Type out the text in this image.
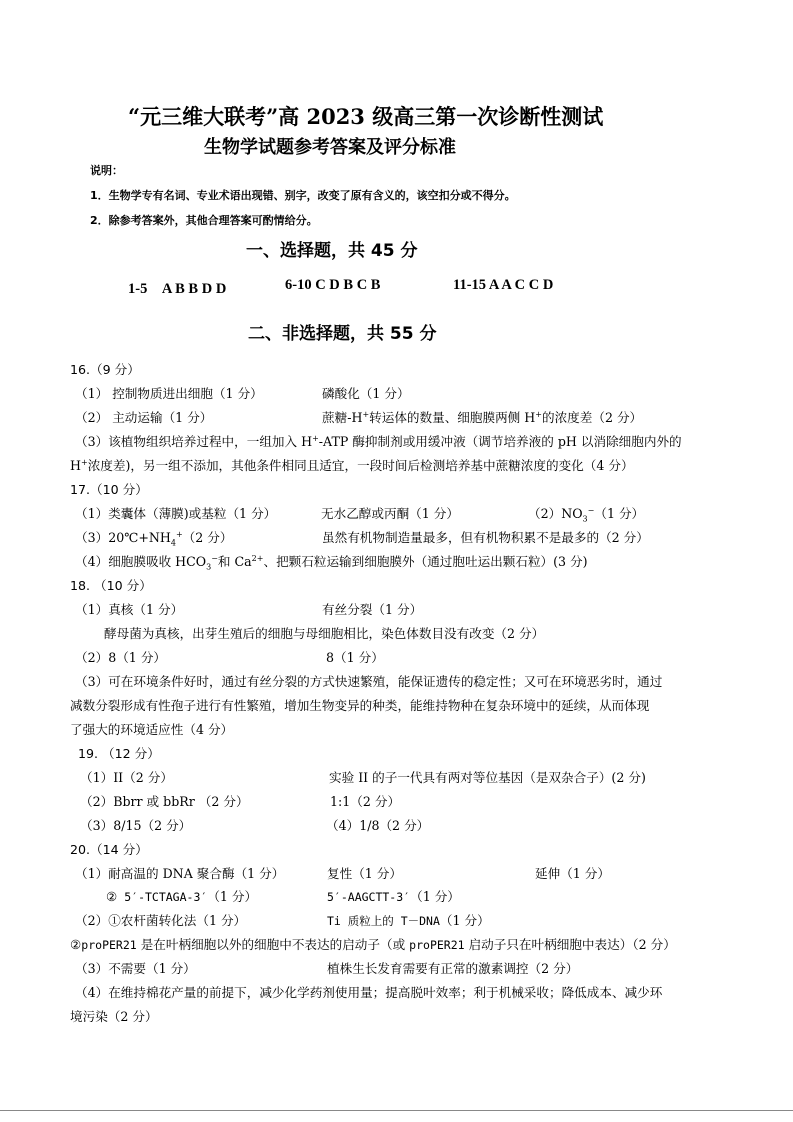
“元三维大联考”高 2023 级高三第一次诊断性测试
生物学试题参考答案及评分标准
说明：
1．生物学专有名词、专业术语出现错、别字，改变了原有含义的，该空扣分或不得分。
2．除参考答案外，其他合理答案可酌情给分。
一、选择题，共 45 分
1-5　A B B D D	6-10 C D B C B	11-15 A A C C D
二、非选择题，共 55 分
16.（9 分）
（1） 控制物质进出细胞（1 分）	磷酸化（1 分）
（2） 主动运输（1 分）	蔗糖-H+转运体的数量、细胞膜两侧 H+的浓度差（2 分）
（3）该植物组织培养过程中，一组加入 H+-ATP 酶抑制剂或用缓冲液（调节培养液的 pH 以消除细胞内外的
H+浓度差)，另一组不添加，其他条件相同且适宜，一段时间后检测培养基中蔗糖浓度的变化（4 分）
17.（10 分）
（1）类囊体（薄膜)或基粒（1 分）	无水乙醇或丙酮（1 分）	$(2)NO_3^-(1$ 分）
$(3)20℃+NH_4^+(2$ 分）	虽然有机物制造量最多，但有机物积累不是最多的（2 分）
（4）细胞膜吸收 $HCO_3^-$和 $Ca^{2+}$、把颗石粒运输到细胞膜外（通过胞吐运出颗石粒）(3 分)
18. （10 分）
（1）真核（1 分）	有丝分裂（1 分）
酵母菌为真核，出芽生殖后的细胞与母细胞相比，染色体数目没有改变（2 分）
（2）8（1 分）	8（1 分）
（3）可在环境条件好时，通过有丝分裂的方式快速繁殖，能保证遗传的稳定性；又可在环境恶劣时，通过
减数分裂形成有性孢子进行有性繁殖，增加生物变异的种类，能维持物种在复杂环境中的延续，从而体现
了强大的环境适应性（4 分）
19. （12 分）
（1）II（2 分）	实验 II 的子一代具有两对等位基因（是双杂合子）(2 分)
（2）Bbrr 或 bbRr （2 分）	1:1（2 分）
（3）8/15（2 分）	（4）1/8（2 分）
20.（14 分）
（1）耐高温的 DNA 聚合酶（1 分）	复性（1 分）	延伸（1 分）
② 5′-TCTAGA-3′（1 分）	5′-AAGCTT-3′（1 分）
（2）①农杆菌转化法（1 分）	Ti 质粒上的 T－DNA（1 分）
②proPER21 是在叶柄细胞以外的细胞中不表达的启动子（或 proPER21 启动子只在叶柄细胞中表达）（2 分）
（3）不需要（1 分）	植株生长发育需要有正常的激素调控（2 分）
（4）在维持棉花产量的前提下，减少化学药剂使用量；提高脱叶效率；利于机械采收；降低成本、减少环
境污染（2 分）
